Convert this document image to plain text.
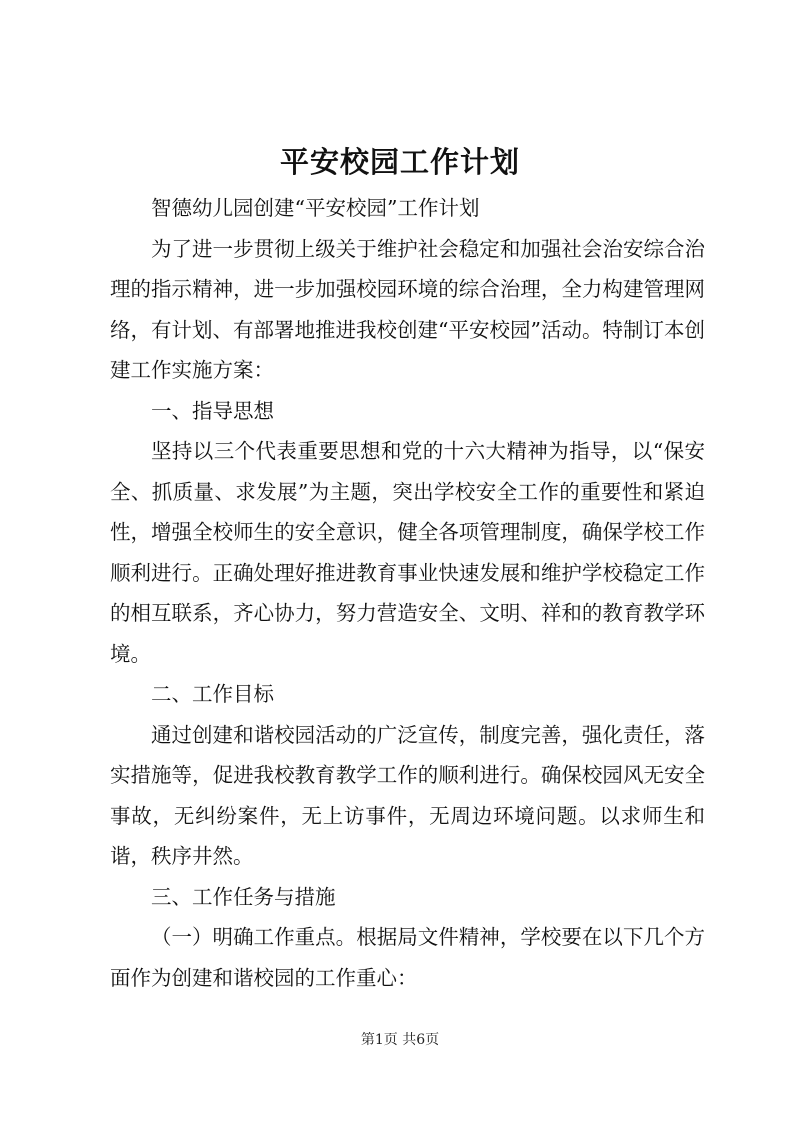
平安校园工作计划

智德幼儿园创建“平安校园”工作计划

为了进一步贯彻上级关于维护社会稳定和加强社会治安综合治理的指示精神，进一步加强校园环境的综合治理，全力构建管理网络，有计划、有部署地推进我校创建“平安校园”活动。特制订本创建工作实施方案：

一、指导思想

坚持以三个代表重要思想和党的十六大精神为指导，以“保安全、抓质量、求发展”为主题，突出学校安全工作的重要性和紧迫性，增强全校师生的安全意识，健全各项管理制度，确保学校工作顺利进行。正确处理好推进教育事业快速发展和维护学校稳定工作的相互联系，齐心协力，努力营造安全、文明、祥和的教育教学环境。

二、工作目标

通过创建和谐校园活动的广泛宣传，制度完善，强化责任，落实措施等，促进我校教育教学工作的顺利进行。确保校园风无安全事故，无纠纷案件，无上访事件，无周边环境问题。以求师生和谐，秩序井然。

三、工作任务与措施

（一）明确工作重点。根据局文件精神，学校要在以下几个方面作为创建和谐校园的工作重心：

第1页 共6页
